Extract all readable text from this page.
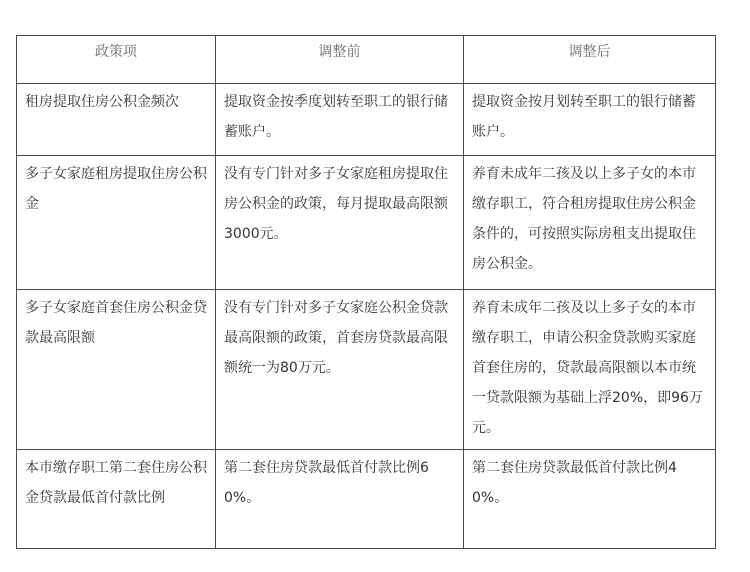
政策项	调整前	调整后
租房提取住房公积金频次	提取资金按季度划转至职工的银行储蓄账户。	提取资金按月划转至职工的银行储蓄账户。
多子女家庭租房提取住房公积金	没有专门针对多子女家庭租房提取住房公积金的政策，每月提取最高限额3000元。	养育未成年二孩及以上多子女的本市缴存职工，符合租房提取住房公积金条件的，可按照实际房租支出提取住房公积金。
多子女家庭首套住房公积金贷款最高限额	没有专门针对多子女家庭公积金贷款最高限额的政策，首套房贷款最高限额统一为80万元。	养育未成年二孩及以上多子女的本市缴存职工，申请公积金贷款购买家庭首套住房的，贷款最高限额以本市统一贷款限额为基础上浮20%，即96万元。
本市缴存职工第二套住房公积金贷款最低首付款比例	第二套住房贷款最低首付款比例60%。	第二套住房贷款最低首付款比例40%。
